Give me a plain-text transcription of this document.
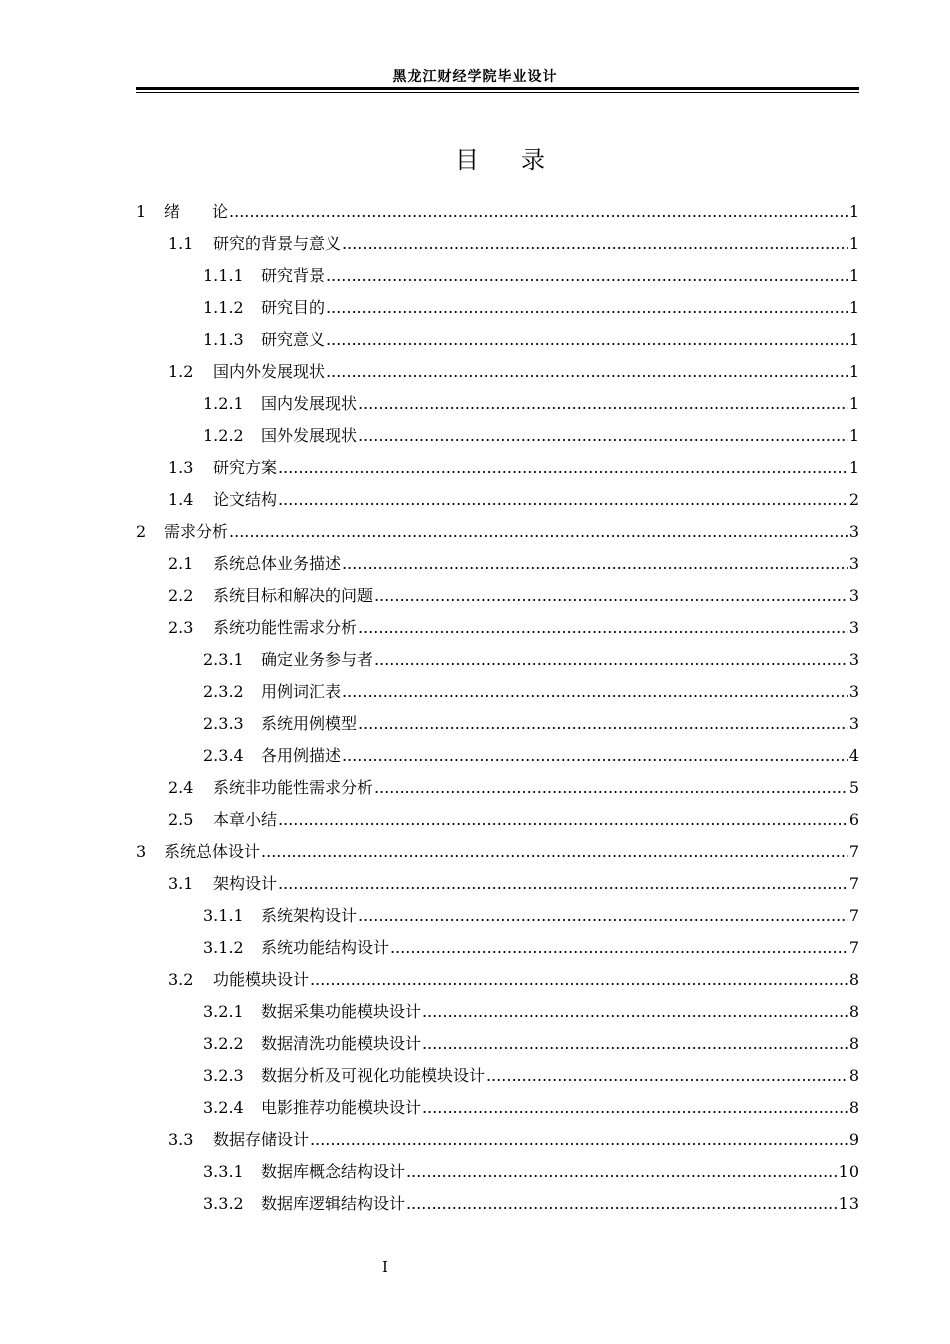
黑龙江财经学院毕业设计
目 录
1	绪　　论 .....	1
1.1	研究的背景与意义 .....	1
1.1.1	研究背景 .....	1
1.1.2	研究目的 .....	1
1.1.3	研究意义 .....	1
1.2	国内外发展现状 .....	1
1.2.1	国内发展现状 .....	1
1.2.2	国外发展现状 .....	1
1.3	研究方案 .....	1
1.4	论文结构 .....	2
2	需求分析 .....	3
2.1	系统总体业务描述 .....	3
2.2	系统目标和解决的问题 .....	3
2.3	系统功能性需求分析 .....	3
2.3.1	确定业务参与者 .....	3
2.3.2	用例词汇表 .....	3
2.3.3	系统用例模型 .....	3
2.3.4	各用例描述 .....	4
2.4	系统非功能性需求分析 .....	5
2.5	本章小结 .....	6
3	系统总体设计 .....	7
3.1	架构设计 .....	7
3.1.1	系统架构设计 .....	7
3.1.2	系统功能结构设计 .....	7
3.2	功能模块设计 .....	8
3.2.1	数据采集功能模块设计 .....	8
3.2.2	数据清洗功能模块设计 .....	8
3.2.3	数据分析及可视化功能模块设计 .....	8
3.2.4	电影推荐功能模块设计 .....	8
3.3	数据存储设计 .....	9
3.3.1	数据库概念结构设计 .....	10
3.3.2	数据库逻辑结构设计 .....	13
I
